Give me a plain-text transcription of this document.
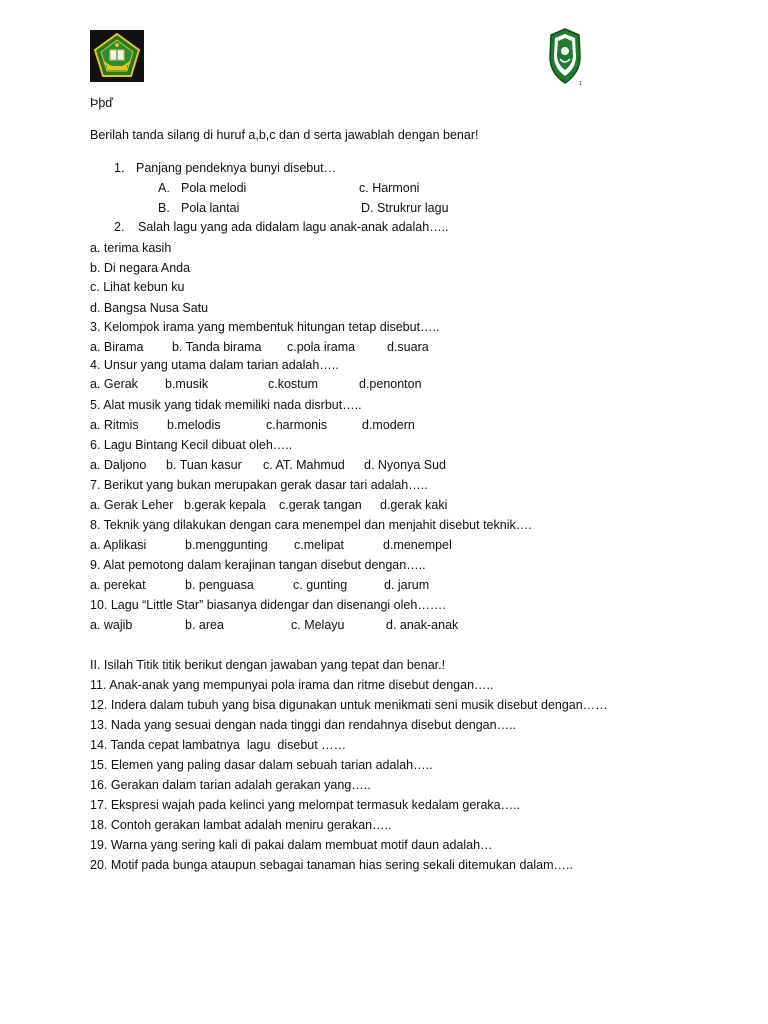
1
Þþď
Berilah tanda silang di huruf a,b,c dan d serta jawablah dengan benar!
1. Panjang pendeknya bunyi disebut…
A. Pola melodi	c. Harmoni
B. Pola lantai	D. Strukrur lagu
2. Salah lagu yang ada didalam lagu anak-anak adalah…..
a. terima kasih
b. Di negara Anda
c. Lihat kebun ku
d. Bangsa Nusa Satu
3. Kelompok irama yang membentuk hitungan tetap disebut…..
a. Birama b. Tanda birama c.pola irama	d.suara
4. Unsur yang utama dalam tarian adalah…..
a. Gerak b.musik	c.kostum	d.penonton
5. Alat musik yang tidak memiliki nada disrbut…..
a. Ritmis b.melodis	c.harmonis	d.modern
6. Lagu Bintang Kecil dibuat oleh…..
a. Daljono b. Tuan kasur c. AT. Mahmud d. Nyonya Sud
7. Berikut yang bukan merupakan gerak dasar tari adalah…..
a. Gerak Leher b.gerak kepala c.gerak tangan d.gerak kaki
8. Teknik yang dilakukan dengan cara menempel dan menjahit disebut teknik….
a. Aplikasi	b.menggunting c.melipat	d.menempel
9. Alat pemotong dalam kerajinan tangan disebut dengan…..
a. perekat	b. penguasa	c. gunting	d. jarum
10. Lagu “Little Star” biasanya didengar dan disenangi oleh…….
a. wajib	b. area	c. Melayu	d. anak-anak
II. Isilah Titik titik berikut dengan jawaban yang tepat dan benar.!
11. Anak-anak yang mempunyai pola irama dan ritme disebut dengan…..
12. Indera dalam tubuh yang bisa digunakan untuk menikmati seni musik disebut dengan……
13. Nada yang sesuai dengan nada tinggi dan rendahnya disebut dengan…..
14. Tanda cepat lambatnya  lagu  disebut ……
15. Elemen yang paling dasar dalam sebuah tarian adalah…..
16. Gerakan dalam tarian adalah gerakan yang…..
17. Ekspresi wajah pada kelinci yang melompat termasuk kedalam geraka…..
18. Contoh gerakan lambat adalah meniru gerakan…..
19. Warna yang sering kali di pakai dalam membuat motif daun adalah…
20. Motif pada bunga ataupun sebagai tanaman hias sering sekali ditemukan dalam…..
